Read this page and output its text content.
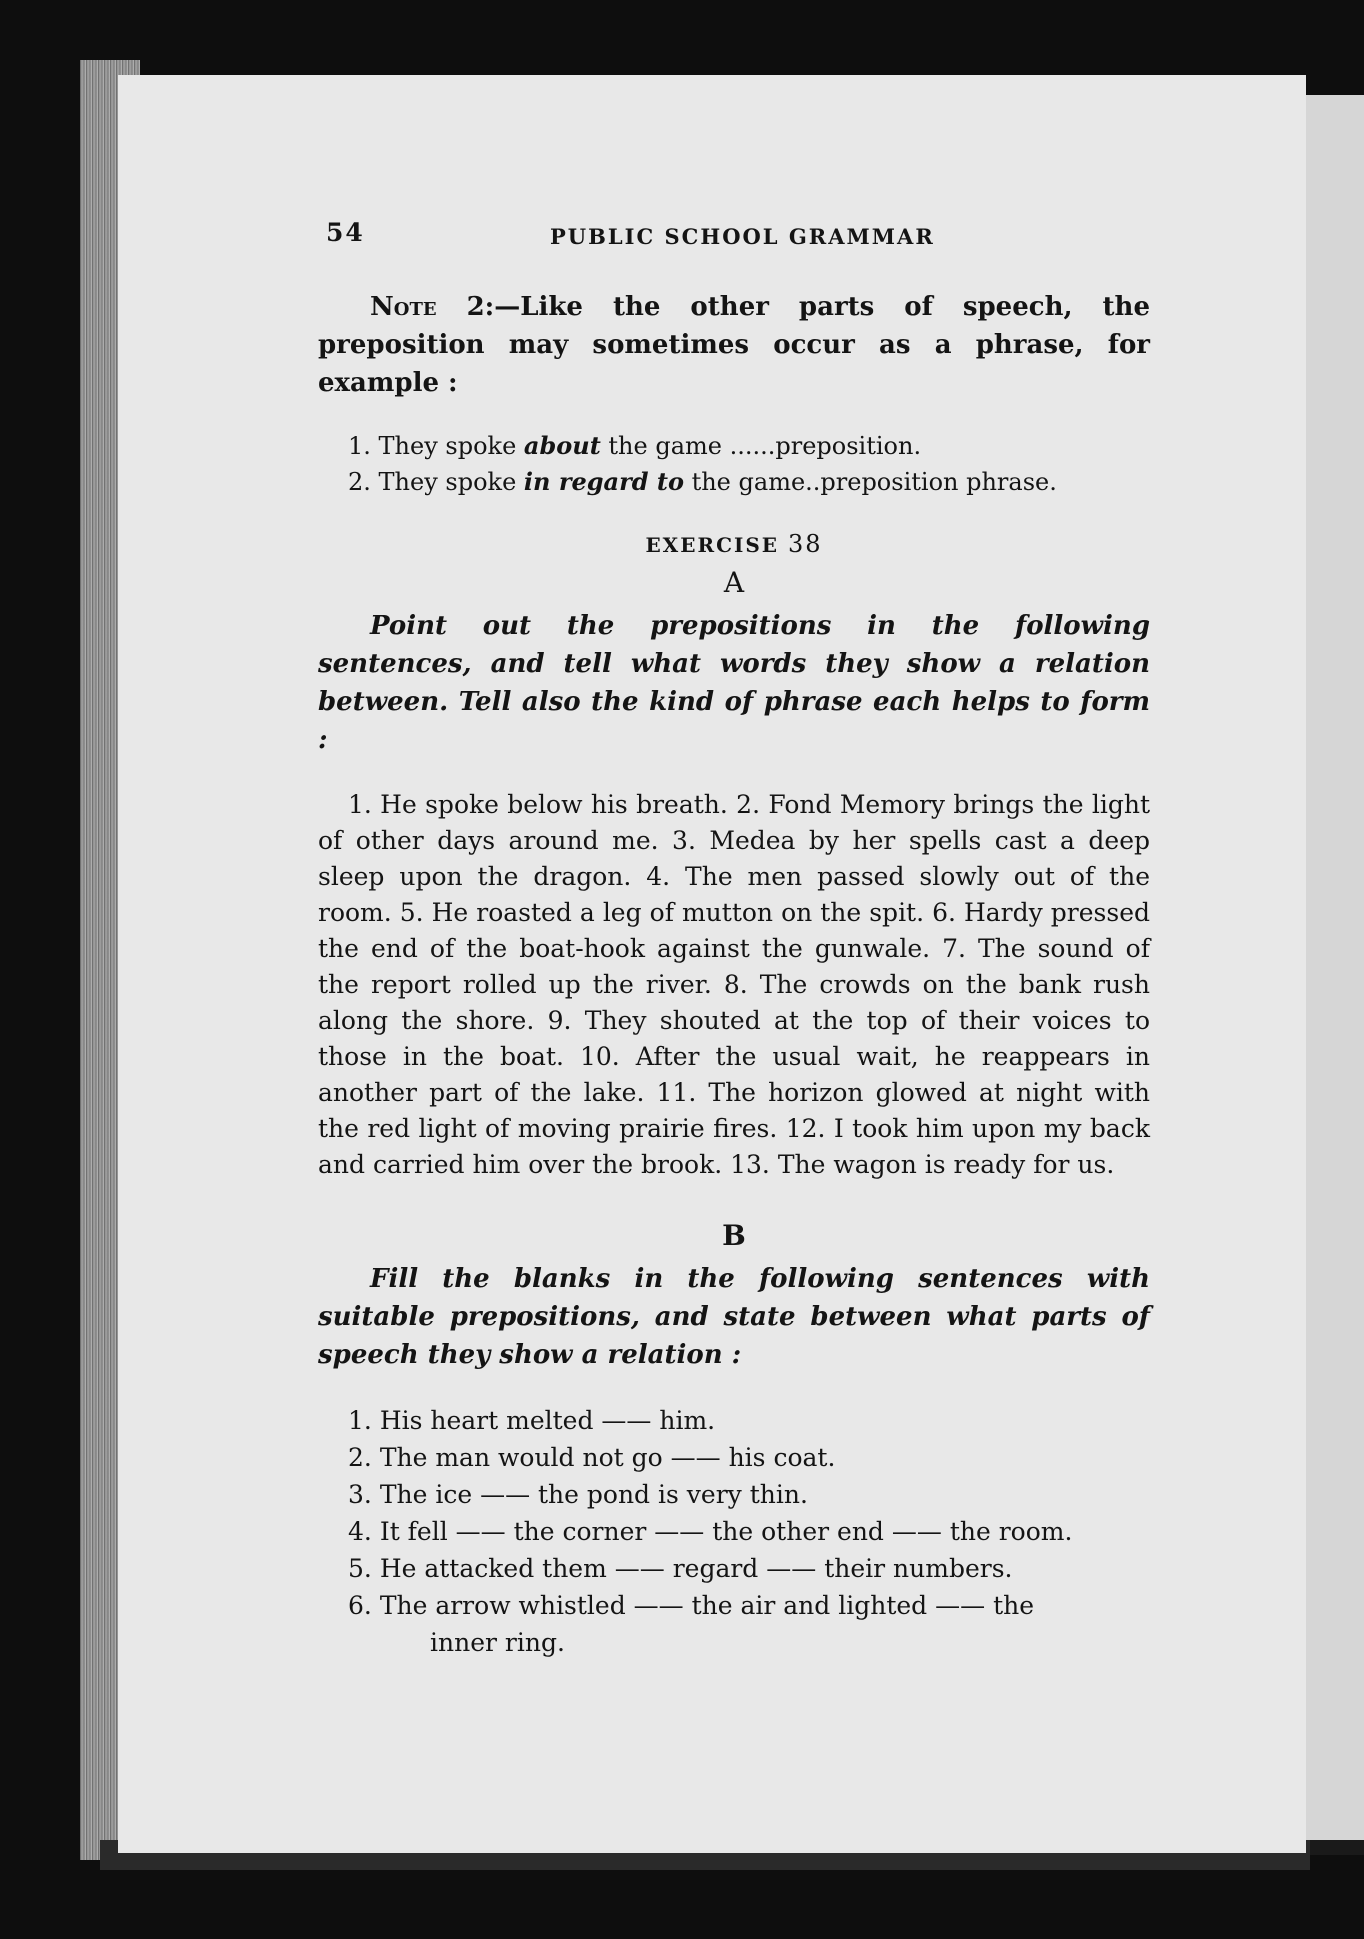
54	PUBLIC SCHOOL GRAMMAR

Note 2:—Like the other parts of speech, the preposition may sometimes occur as a phrase, for example :

1. They spoke about the game ......preposition.
2. They spoke in regard to the game..preposition phrase.
EXERCISE 38
A

Point out the prepositions in the following sentences, and tell what words they show a relation between. Tell also the kind of phrase each helps to form :

1. He spoke below his breath. 2. Fond Memory brings the light of other days around me. 3. Medea by her spells cast a deep sleep upon the dragon. 4. The men passed slowly out of the room. 5. He roasted a leg of mutton on the spit. 6. Hardy pressed the end of the boat-hook against the gunwale. 7. The sound of the report rolled up the river. 8. The crowds on the bank rush along the shore. 9. They shouted at the top of their voices to those in the boat. 10. After the usual wait, he reappears in another part of the lake. 11. The horizon glowed at night with the red light of moving prairie fires. 12. I took him upon my back and carried him over the brook. 13. The wagon is ready for us.

B

Fill the blanks in the following sentences with suitable prepositions, and state between what parts of speech they show a relation :

1. His heart melted —— him.
2. The man would not go —— his coat.
3. The ice —— the pond is very thin.
4. It fell —— the corner —— the other end —— the room.
5. He attacked them —— regard —— their numbers.
6. The arrow whistled —— the air and lighted —— the
inner ring.
